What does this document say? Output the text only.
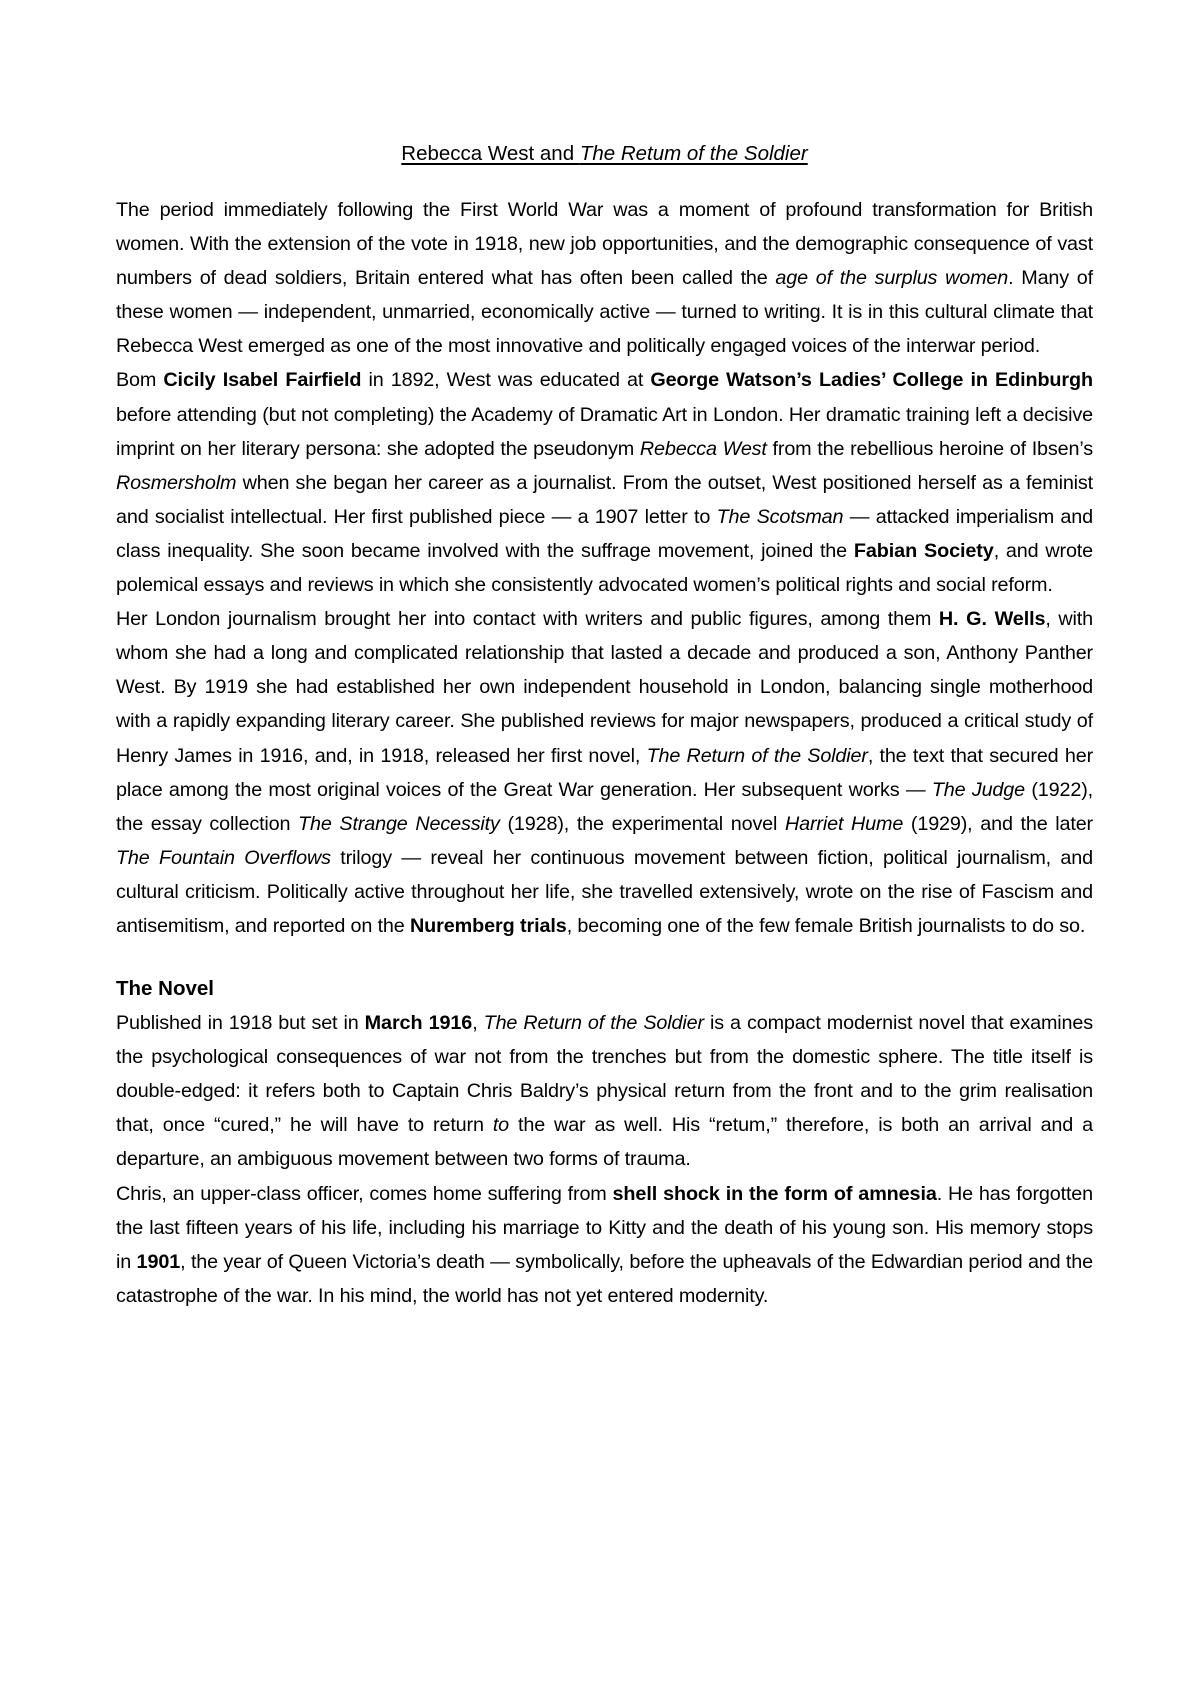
Rebecca West and The Retum of the Soldier

The period immediately following the First World War was a moment of profound transformation for British women. With the extension of the vote in 1918, new job opportunities, and the demographic consequence of vast numbers of dead soldiers, Britain entered what has often been called the age of the surplus women. Many of these women — independent, unmarried, economically active — turned to writing. It is in this cultural climate that Rebecca West emerged as one of the most innovative and politically engaged voices of the interwar period.

Bom Cicily Isabel Fairfield in 1892, West was educated at George Watson’s Ladies’ College in Edinburgh before attending (but not completing) the Academy of Dramatic Art in London. Her dramatic training left a decisive imprint on her literary persona: she adopted the pseudonym Rebecca West from the rebellious heroine of Ibsen’s Rosmersholm when she began her career as a journalist. From the outset, West positioned herself as a feminist and socialist intellectual. Her first published piece — a 1907 letter to The Scotsman — attacked imperialism and class inequality. She soon became involved with the suffrage movement, joined the Fabian Society, and wrote polemical essays and reviews in which she consistently advocated women’s political rights and social reform.

Her London journalism brought her into contact with writers and public figures, among them H. G. Wells, with whom she had a long and complicated relationship that lasted a decade and produced a son, Anthony Panther West. By 1919 she had established her own independent household in London, balancing single motherhood with a rapidly expanding literary career. She published reviews for major newspapers, produced a critical study of Henry James in 1916, and, in 1918, released her first novel, The Return of the Soldier, the text that secured her place among the most original voices of the Great War generation. Her subsequent works — The Judge (1922), the essay collection The Strange Necessity (1928), the experimental novel Harriet Hume (1929), and the later The Fountain Overflows trilogy — reveal her continuous movement between fiction, political journalism, and cultural criticism. Politically active throughout her life, she travelled extensively, wrote on the rise of Fascism and antisemitism, and reported on the Nuremberg trials, becoming one of the few female British journalists to do so.

The Novel

Published in 1918 but set in March 1916, The Return of the Soldier is a compact modernist novel that examines the psychological consequences of war not from the trenches but from the domestic sphere. The title itself is double-edged: it refers both to Captain Chris Baldry’s physical return from the front and to the grim realisation that, once “cured,” he will have to return to the war as well. His “retum,” therefore, is both an arrival and a departure, an ambiguous movement between two forms of trauma.

Chris, an upper-class officer, comes home suffering from shell shock in the form of amnesia. He has forgotten the last fifteen years of his life, including his marriage to Kitty and the death of his young son. His memory stops in 1901, the year of Queen Victoria’s death — symbolically, before the upheavals of the Edwardian period and the catastrophe of the war. In his mind, the world has not yet entered modernity.
